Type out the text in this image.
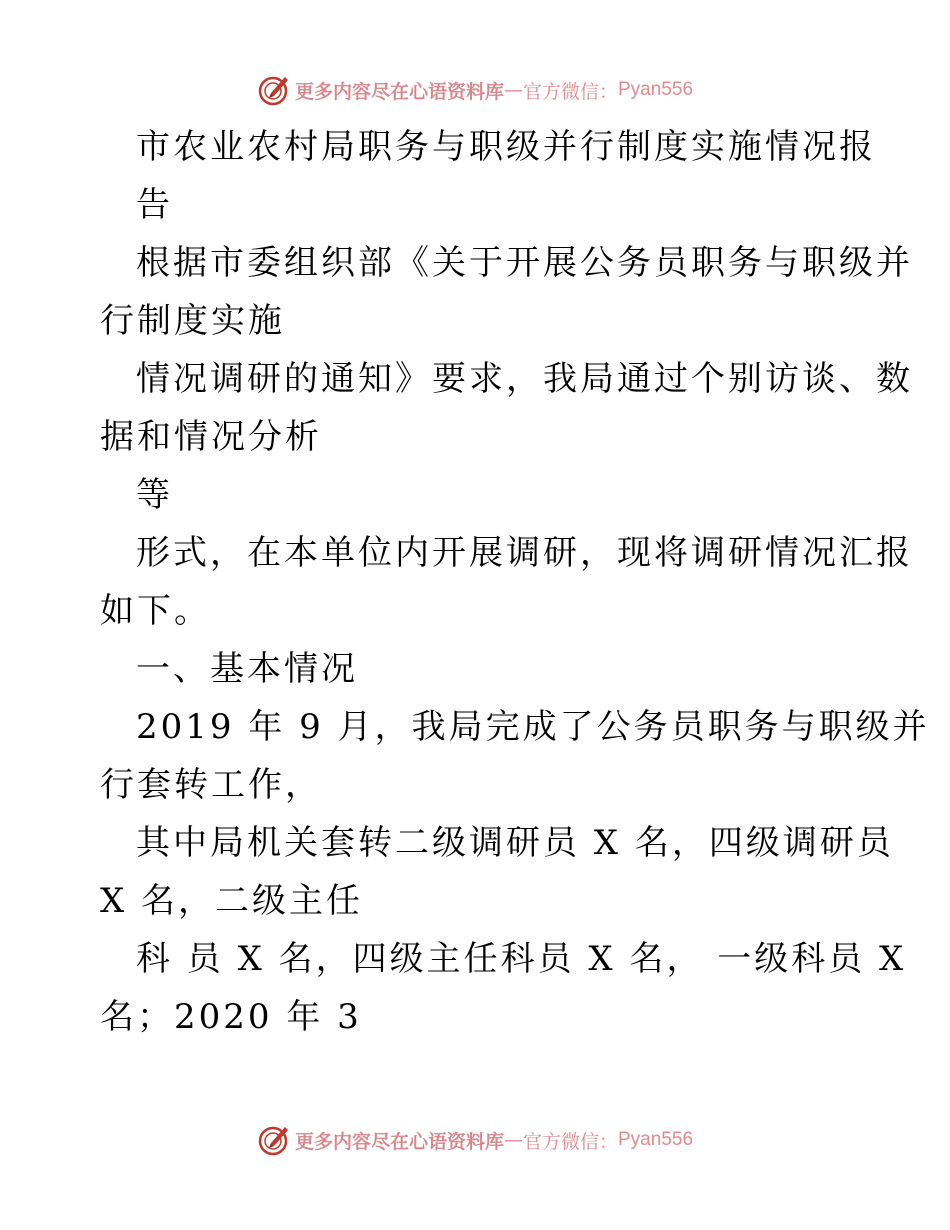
更多内容尽在心语资料库 — 官方微信： Pyan556
市农业农村局职务与职级并行制度实施情况报
告
根据市委组织部《关于开展公务员职务与职级并
行制度实施
情况调研的通知》要求，我局通过个别访谈、数
据和情况分析
等
形式，在本单位内开展调研，现将调研情况汇报
如下。
一、基本情况
2019 年 9 月，我局完成了公务员职务与职级并
行套转工作，
其中局机关套转二级调研员 X 名，四级调研员
X 名，二级主任
科 员 X 名，四级主任科员 X 名， 一级科员 X
名；2020 年 3
更多内容尽在心语资料库 — 官方微信： Pyan556
